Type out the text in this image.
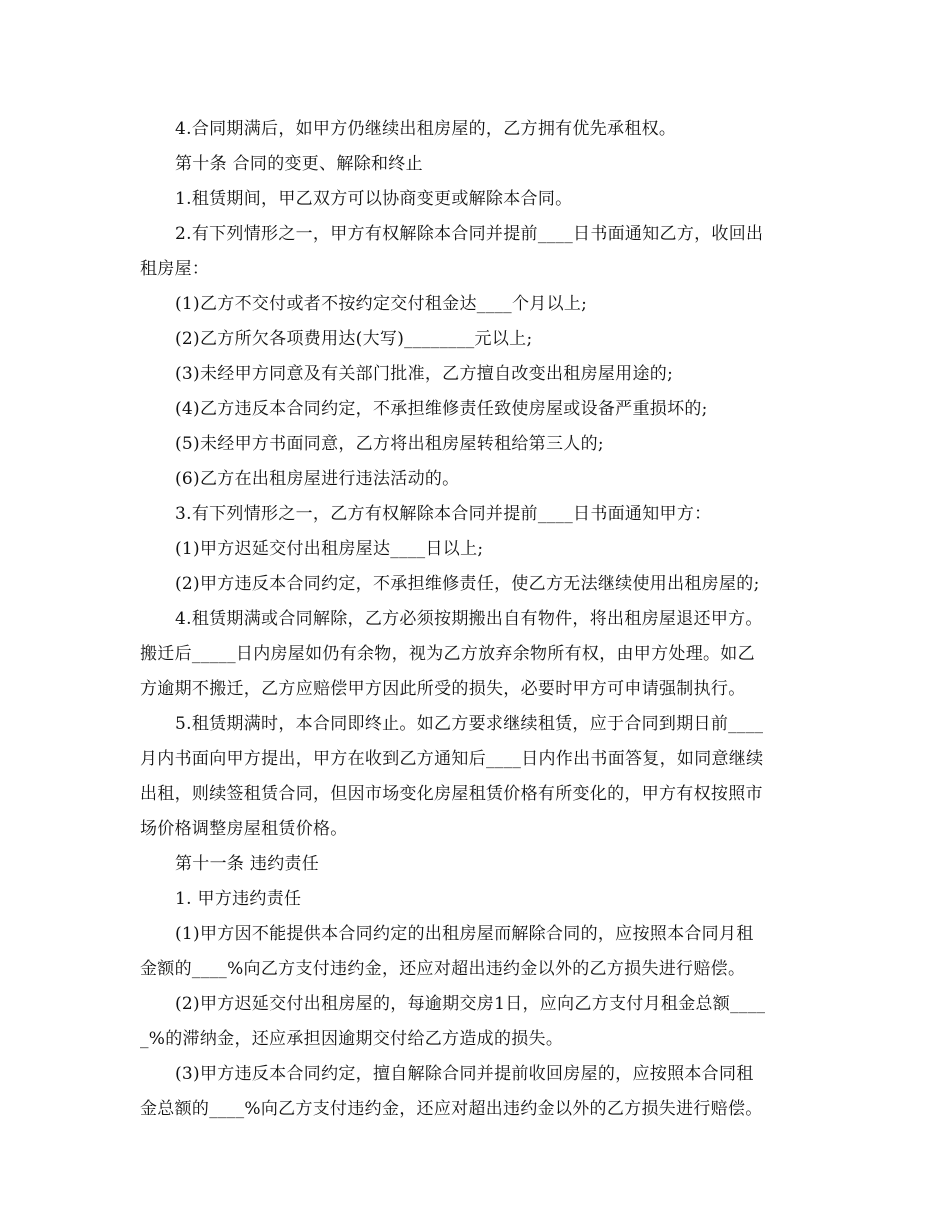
4.合同期满后，如甲方仍继续出租房屋的，乙方拥有优先承租权。

第十条 合同的变更、解除和终止

1.租赁期间，甲乙双方可以协商变更或解除本合同。

2.有下列情形之一，甲方有权解除本合同并提前____日书面通知乙方，收回出

租房屋：

(1)乙方不交付或者不按约定交付租金达____个月以上;

(2)乙方所欠各项费用达(大写)________元以上;

(3)未经甲方同意及有关部门批准，乙方擅自改变出租房屋用途的;

(4)乙方违反本合同约定，不承担维修责任致使房屋或设备严重损坏的;

(5)未经甲方书面同意，乙方将出租房屋转租给第三人的;

(6)乙方在出租房屋进行违法活动的。

3.有下列情形之一，乙方有权解除本合同并提前____日书面通知甲方：

(1)甲方迟延交付出租房屋达____日以上;

(2)甲方违反本合同约定，不承担维修责任，使乙方无法继续使用出租房屋的;

4.租赁期满或合同解除，乙方必须按期搬出自有物件，将出租房屋退还甲方。

搬迁后_____日内房屋如仍有余物，视为乙方放弃余物所有权，由甲方处理。如乙

方逾期不搬迁，乙方应赔偿甲方因此所受的损失，必要时甲方可申请强制执行。

5.租赁期满时，本合同即终止。如乙方要求继续租赁，应于合同到期日前____

月内书面向甲方提出，甲方在收到乙方通知后____日内作出书面答复，如同意继续

出租，则续签租赁合同，但因市场变化房屋租赁价格有所变化的，甲方有权按照市

场价格调整房屋租赁价格。

第十一条 违约责任

1. 甲方违约责任

(1)甲方因不能提供本合同约定的出租房屋而解除合同的，应按照本合同月租

金额的____%向乙方支付违约金，还应对超出违约金以外的乙方损失进行赔偿。

(2)甲方迟延交付出租房屋的，每逾期交房1日，应向乙方支付月租金总额____

_%的滞纳金，还应承担因逾期交付给乙方造成的损失。

(3)甲方违反本合同约定，擅自解除合同并提前收回房屋的，应按照本合同租

金总额的____%向乙方支付违约金，还应对超出违约金以外的乙方损失进行赔偿。
